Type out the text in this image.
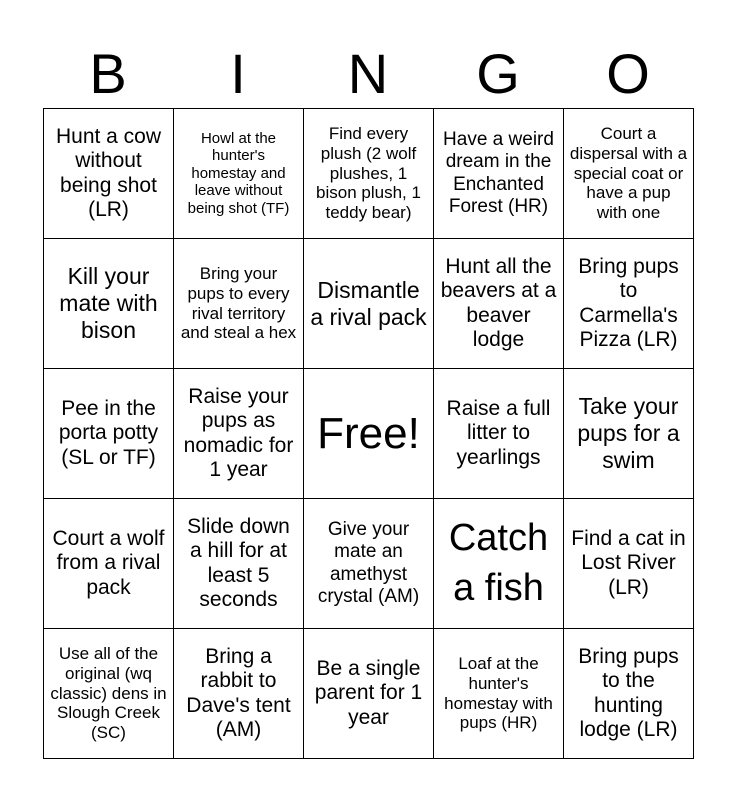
B	I	N	G	O
Hunt a cow without being shot (LR)	Howl at the hunter's homestay and leave without being shot (TF)	Find every plush (2 wolf plushes, 1 bison plush, 1 teddy bear)	Have a weird dream in the Enchanted Forest (HR)	Court a dispersal with a special coat or have a pup with one
Kill your mate with bison	Bring your pups to every rival territory and steal a hex	Dismantle a rival pack	Hunt all the beavers at a beaver lodge	Bring pups to Carmella's Pizza (LR)
Pee in the porta potty (SL or TF)	Raise your pups as nomadic for 1 year	Free!	Raise a full litter to yearlings	Take your pups for a swim
Court a wolf from a rival pack	Slide down a hill for at least 5 seconds	Give your mate an amethyst crystal (AM)	Catch a fish	Find a cat in Lost River (LR)
Use all of the original (wq classic) dens in Slough Creek (SC)	Bring a rabbit to Dave's tent (AM)	Be a single parent for 1 year	Loaf at the hunter's homestay with pups (HR)	Bring pups to the hunting lodge (LR)
